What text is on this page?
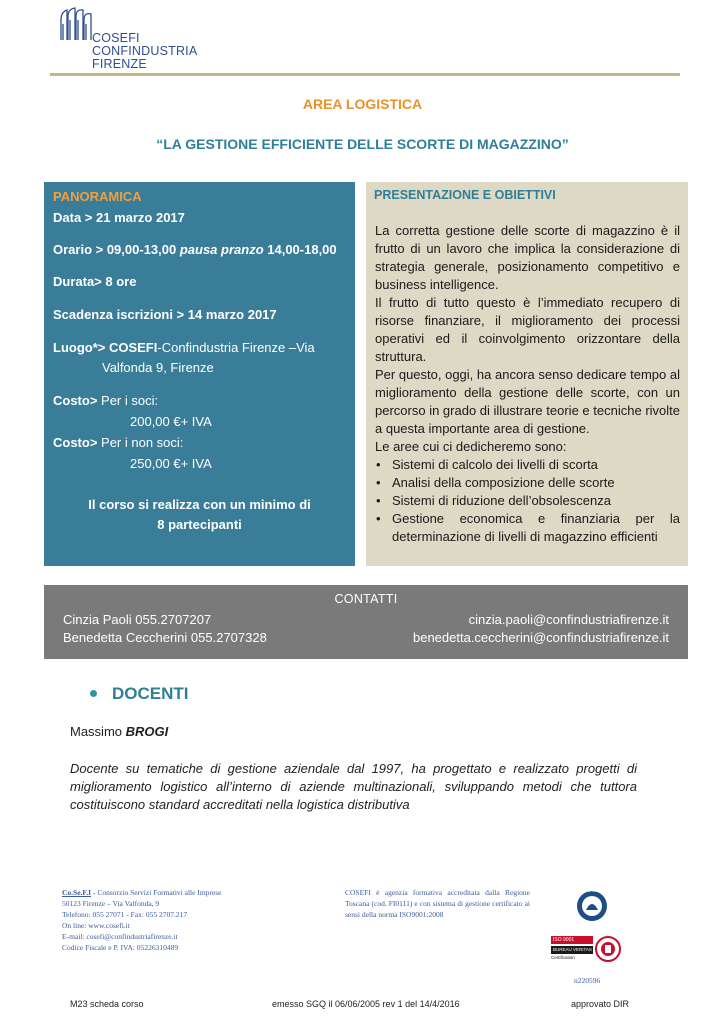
COSEFI
CONFINDUSTRIA FIRENZE
AREA LOGISTICA
“LA GESTIONE EFFICIENTE DELLE SCORTE DI MAGAZZINO”
PANORAMICA
Data > 21 marzo 2017
Orario > 09,00-13,00 pausa pranzo 14,00-18,00
Durata> 8 ore
Scadenza iscrizioni > 14 marzo 2017
Luogo*> COSEFI-Confindustria Firenze –Via
Valfonda 9, Firenze
Costo> Per i soci:
200,00 €+ IVA
Costo> Per i non soci:
250,00 €+ IVA
Il corso si realizza con un minimo di
8 partecipanti
PRESENTAZIONE E OBIETTIVI
La corretta gestione delle scorte di magazzino è il frutto di un lavoro che implica la considerazione di strategia generale, posizionamento competitivo e business intelligence.
Il frutto di tutto questo è l’immediato recupero di risorse finanziare, il miglioramento dei processi operativi ed il coinvolgimento orizzontare della struttura.
Per questo, oggi, ha ancora senso dedicare tempo al miglioramento della gestione delle scorte, con un percorso in grado di illustrare teorie e tecniche rivolte a questa importante area di gestione.
Le aree cui ci dedicheremo sono:
• Sistemi di calcolo dei livelli di scorta
• Analisi della composizione delle scorte
• Sistemi di riduzione dell’obsolescenza
• Gestione economica e finanziaria per la determinazione di livelli di magazzino efficienti
CONTATTI
Cinzia Paoli 055.2707207
Benedetta Ceccherini 055.2707328
cinzia.paoli@confindustriafirenze.it
benedetta.ceccherini@confindustriafirenze.it
DOCENTI
Massimo BROGI
Docente su tematiche di gestione aziendale dal 1997, ha progettato e realizzato progetti di miglioramento logistico all’interno di aziende multinazionali, sviluppando metodi che tuttora costituiscono standard accreditati nella logistica distributiva
Co.Se.F.I - Consorzio Servizi Formativi alle Imprese
50123 Firenze – Via Valfonda, 9
Telefono: 055 27071 - Fax: 055 2707.217
On line: www.cosefi.it
E-mail: cosefi@confindustriafirenze.it
Codice Fiscale e P. IVA: 05226310489
COSEFI è agenzia formativa accreditata dalla Regione Toscana (cod. FI0111) e con sistema di gestione certificato ai sensi della norma ISO9001:2008
ACCREDIA
ISO 9001
BUREAU VERITAS
Certification
n220596
M23 scheda corso	emesso SGQ il 06/06/2005 rev 1 del 14/4/2016	approvato DIR
